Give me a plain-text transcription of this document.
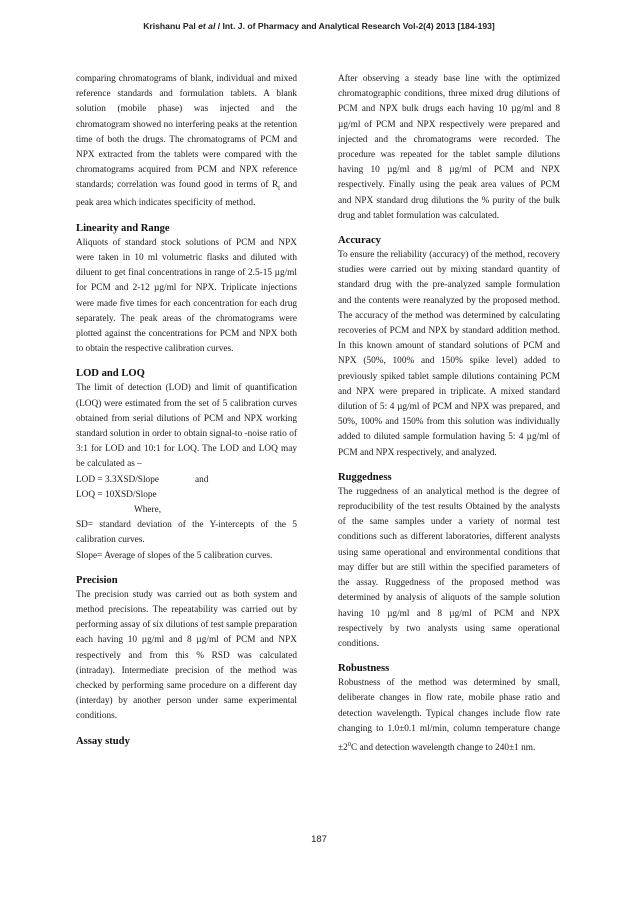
Krishanu Pal et al / Int. J. of Pharmacy and Analytical Research Vol-2(4) 2013 [184-193]

comparing chromatograms of blank, individual and mixed reference standards and formulation tablets. A blank solution (mobile phase) was injected and the chromatogram showed no interfering peaks at the retention time of both the drugs. The chromatograms of PCM and NPX extracted from the tablets were compared with the chromatograms acquired from PCM and NPX reference standards; correlation was found good in terms of $R_t$ and peak area which indicates specificity of method.

Linearity and Range

Aliquots of standard stock solutions of PCM and NPX were taken in 10 ml volumetric flasks and diluted with diluent to get final concentrations in range of 2.5-15 µg/ml for PCM and 2-12 µg/ml for NPX. Triplicate injections were made five times for each concentration for each drug separately. The peak areas of the chromatograms were plotted against the concentrations for PCM and NPX both to obtain the respective calibration curves.

LOD and LOQ

The limit of detection (LOD) and limit of quantification (LOQ) were estimated from the set of 5 calibration curves obtained from serial dilutions of PCM and NPX working standard solution in order to obtain signal-to -noise ratio of 3:1 for LOD and 10:1 for LOQ. The LOD and LOQ may be calculated as –

LOD = 3.3XSD/Slope	and
LOQ = 10XSD/Slope
Where,

SD= standard deviation of the Y-intercepts of the 5 calibration curves.

Slope= Average of slopes of the 5 calibration curves.

Precision

The precision study was carried out as both system and method precisions. The repeatability was carried out by performing assay of six dilutions of test sample preparation each having 10 µg/ml and 8 µg/ml of PCM and NPX respectively and from this % RSD was calculated (intraday). Intermediate precision of the method was checked by performing same procedure on a different day (interday) by another person under same experimental conditions.

Assay study

After observing a steady base line with the optimized chromatographic conditions, three mixed drug dilutions of PCM and NPX bulk drugs each having 10 µg/ml and 8 µg/ml of PCM and NPX respectively were prepared and injected and the chromatograms were recorded. The procedure was repeated for the tablet sample dilutions having 10 µg/ml and 8 µg/ml of PCM and NPX respectively. Finally using the peak area values of PCM and NPX standard drug dilutions the % purity of the bulk drug and tablet formulation was calculated.

Accuracy

To ensure the reliability (accuracy) of the method, recovery studies were carried out by mixing standard quantity of standard drug with the pre-analyzed sample formulation and the contents were reanalyzed by the proposed method. The accuracy of the method was determined by calculating recoveries of PCM and NPX by standard addition method. In this known amount of standard solutions of PCM and NPX (50%, 100% and 150% spike level) added to previously spiked tablet sample dilutions containing PCM and NPX were prepared in triplicate. A mixed standard dilution of 5: 4 µg/ml of PCM and NPX was prepared, and 50%, 100% and 150% from this solution was individually added to diluted sample formulation having 5: 4 µg/ml of PCM and NPX respectively, and analyzed.

Ruggedness

The ruggedness of an analytical method is the degree of reproducibility of the test results Obtained by the analysts of the same samples under a variety of normal test conditions such as different laboratories, different analysts using same operational and environmental conditions that may differ but are still within the specified parameters of the assay. Ruggedness of the proposed method was determined by analysis of aliquots of the sample solution having 10 µg/ml and 8 µg/ml of PCM and NPX respectively by two analysts using same operational conditions.

Robustness

Robustness of the method was determined by small, deliberate changes in flow rate, mobile phase ratio and detection wavelength. Typical changes include flow rate changing to 1.0±0.1 ml/min, column temperature change $\pm 2^0C$ and detection wavelength change to 240±1 nm.

187
